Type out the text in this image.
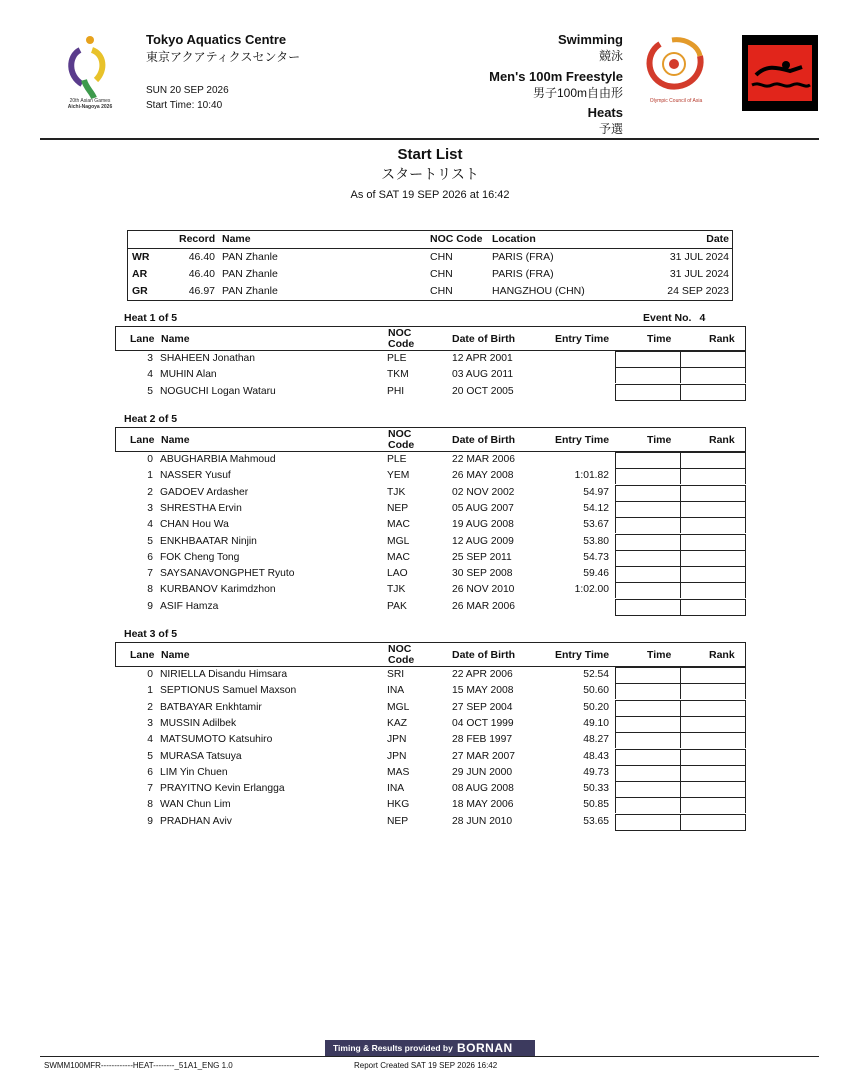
20th Asian Games
Aichi-Nagoya 2026
Tokyo Aquatics Centre
東京アクアティクスセンター
SUN 20 SEP 2026
Start Time: 10:40
Swimming
競泳
Men's 100m Freestyle
男子100m自由形
Heats
予選
Olympic Council of Asia
Start List
スタートリスト
As of SAT 19 SEP 2026 at 16:42
Record Name	NOC Code Location	Date
WR	46.40 PAN Zhanle	CHN	PARIS (FRA)	31 JUL 2024
AR	46.40 PAN Zhanle	CHN	PARIS (FRA)	31 JUL 2024
GR	46.97 PAN Zhanle	CHN	HANGZHOU (CHN)	24 SEP 2023
Heat 1 of 5	Event No. 4
Lane Name	NOC
Code	Date of Birth	Entry Time	Time	Rank
3 SHAHEEN Jonathan	PLE	12 APR 2001
4 MUHIN Alan	TKM	03 AUG 2011
5 NOGUCHI Logan Wataru	PHI	20 OCT 2005
Heat 2 of 5
Lane Name	NOC
Code	Date of Birth	Entry Time	Time	Rank
0 ABUGHARBIA Mahmoud	PLE	22 MAR 2006
1 NASSER Yusuf	YEM	26 MAY 2008	1:01.82
2 GADOEV Ardasher	TJK	02 NOV 2002	54.97
3 SHRESTHA Ervin	NEP	05 AUG 2007	54.12
4 CHAN Hou Wa	MAC	19 AUG 2008	53.67
5 ENKHBAATAR Ninjin	MGL	12 AUG 2009	53.80
6 FOK Cheng Tong	MAC	25 SEP 2011	54.73
7 SAYSANAVONGPHET Ryuto	LAO	30 SEP 2008	59.46
8 KURBANOV Karimdzhon	TJK	26 NOV 2010	1:02.00
9 ASIF Hamza	PAK	26 MAR 2006
Heat 3 of 5
Lane Name	NOC
Code	Date of Birth	Entry Time	Time	Rank
0 NIRIELLA Disandu Himsara	SRI	22 APR 2006	52.54
1 SEPTIONUS Samuel Maxson	INA	15 MAY 2008	50.60
2 BATBAYAR Enkhtamir	MGL	27 SEP 2004	50.20
3 MUSSIN Adilbek	KAZ	04 OCT 1999	49.10
4 MATSUMOTO Katsuhiro	JPN	28 FEB 1997	48.27
5 MURASA Tatsuya	JPN	27 MAR 2007	48.43
6 LIM Yin Chuen	MAS	29 JUN 2000	49.73
7 PRAYITNO Kevin Erlangga	INA	08 AUG 2008	50.33
8 WAN Chun Lim	HKG	18 MAY 2006	50.85
9 PRADHAN Aviv	NEP	28 JUN 2010	53.65
Timing & Results provided by BORNAN
SWMM100MFR------------HEAT--------_51A1_ENG 1.0	Report Created SAT 19 SEP 2026 16:42
